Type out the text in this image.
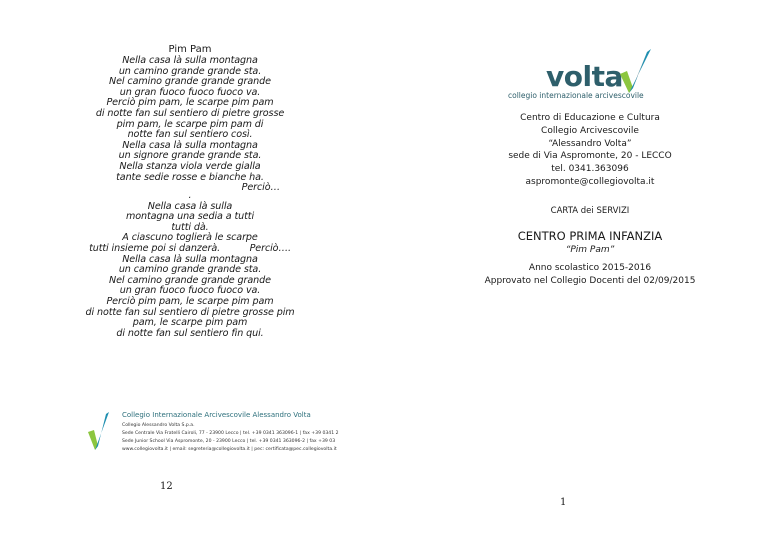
Pim Pam
Nella casa là sulla montagna
un camino grande grande sta.
Nel camino grande grande grande
un gran fuoco fuoco fuoco va.
Perciò pim pam, le scarpe pim pam
di notte fan sul sentiero di pietre grosse
pim pam, le scarpe pim pam di
notte fan sul sentiero così.
Nella casa là sulla montagna
un signore grande grande sta.
Nella stanza viola verde gialla
tante sedie rosse e bianche ha.
Perciò…
.
Nella casa là sulla
montagna una sedia a tutti
tutti dà.
A ciascuno toglierà le scarpe
tutti insieme poi si danzerà.          Perciò….
Nella casa là sulla montagna
un camino grande grande sta.
Nel camino grande grande grande
un gran fuoco fuoco fuoco va.
Perciò pim pam, le scarpe pim pam
di notte fan sul sentiero di pietre grosse pim
pam, le scarpe pim pam
di notte fan sul sentiero fin qui.
Collegio Internazionale Arcivescovile Alessandro Volta
Collegio Alessandro Volta S.p.a.
Sede Centrale Via Fratelli Cairoli, 77 - 23900 Lecco | tel. +39 0341 363096-1 | fax +39 0341 2
Sede Junior School Via Aspromonte, 20 - 23900 Lecco | tel. +39 0341 363096-2 | fax +39 03
www.collegiovolta.it | email: segreteria@collegiovolta.it | pec: certificata@pec.collegiovolta.it
12
volta
collegio internazionale arcivescovile
Centro di Educazione e Cultura
Collegio Arcivescovile
“Alessandro Volta”
sede di Via Aspromonte, 20 - LECCO
tel. 0341.363096
aspromonte@collegiovolta.it
CARTA dei SERVIZI
CENTRO PRIMA INFANZIA
“Pim Pam”
Anno scolastico 2015-2016
Approvato nel Collegio Docenti del 02/09/2015
1
